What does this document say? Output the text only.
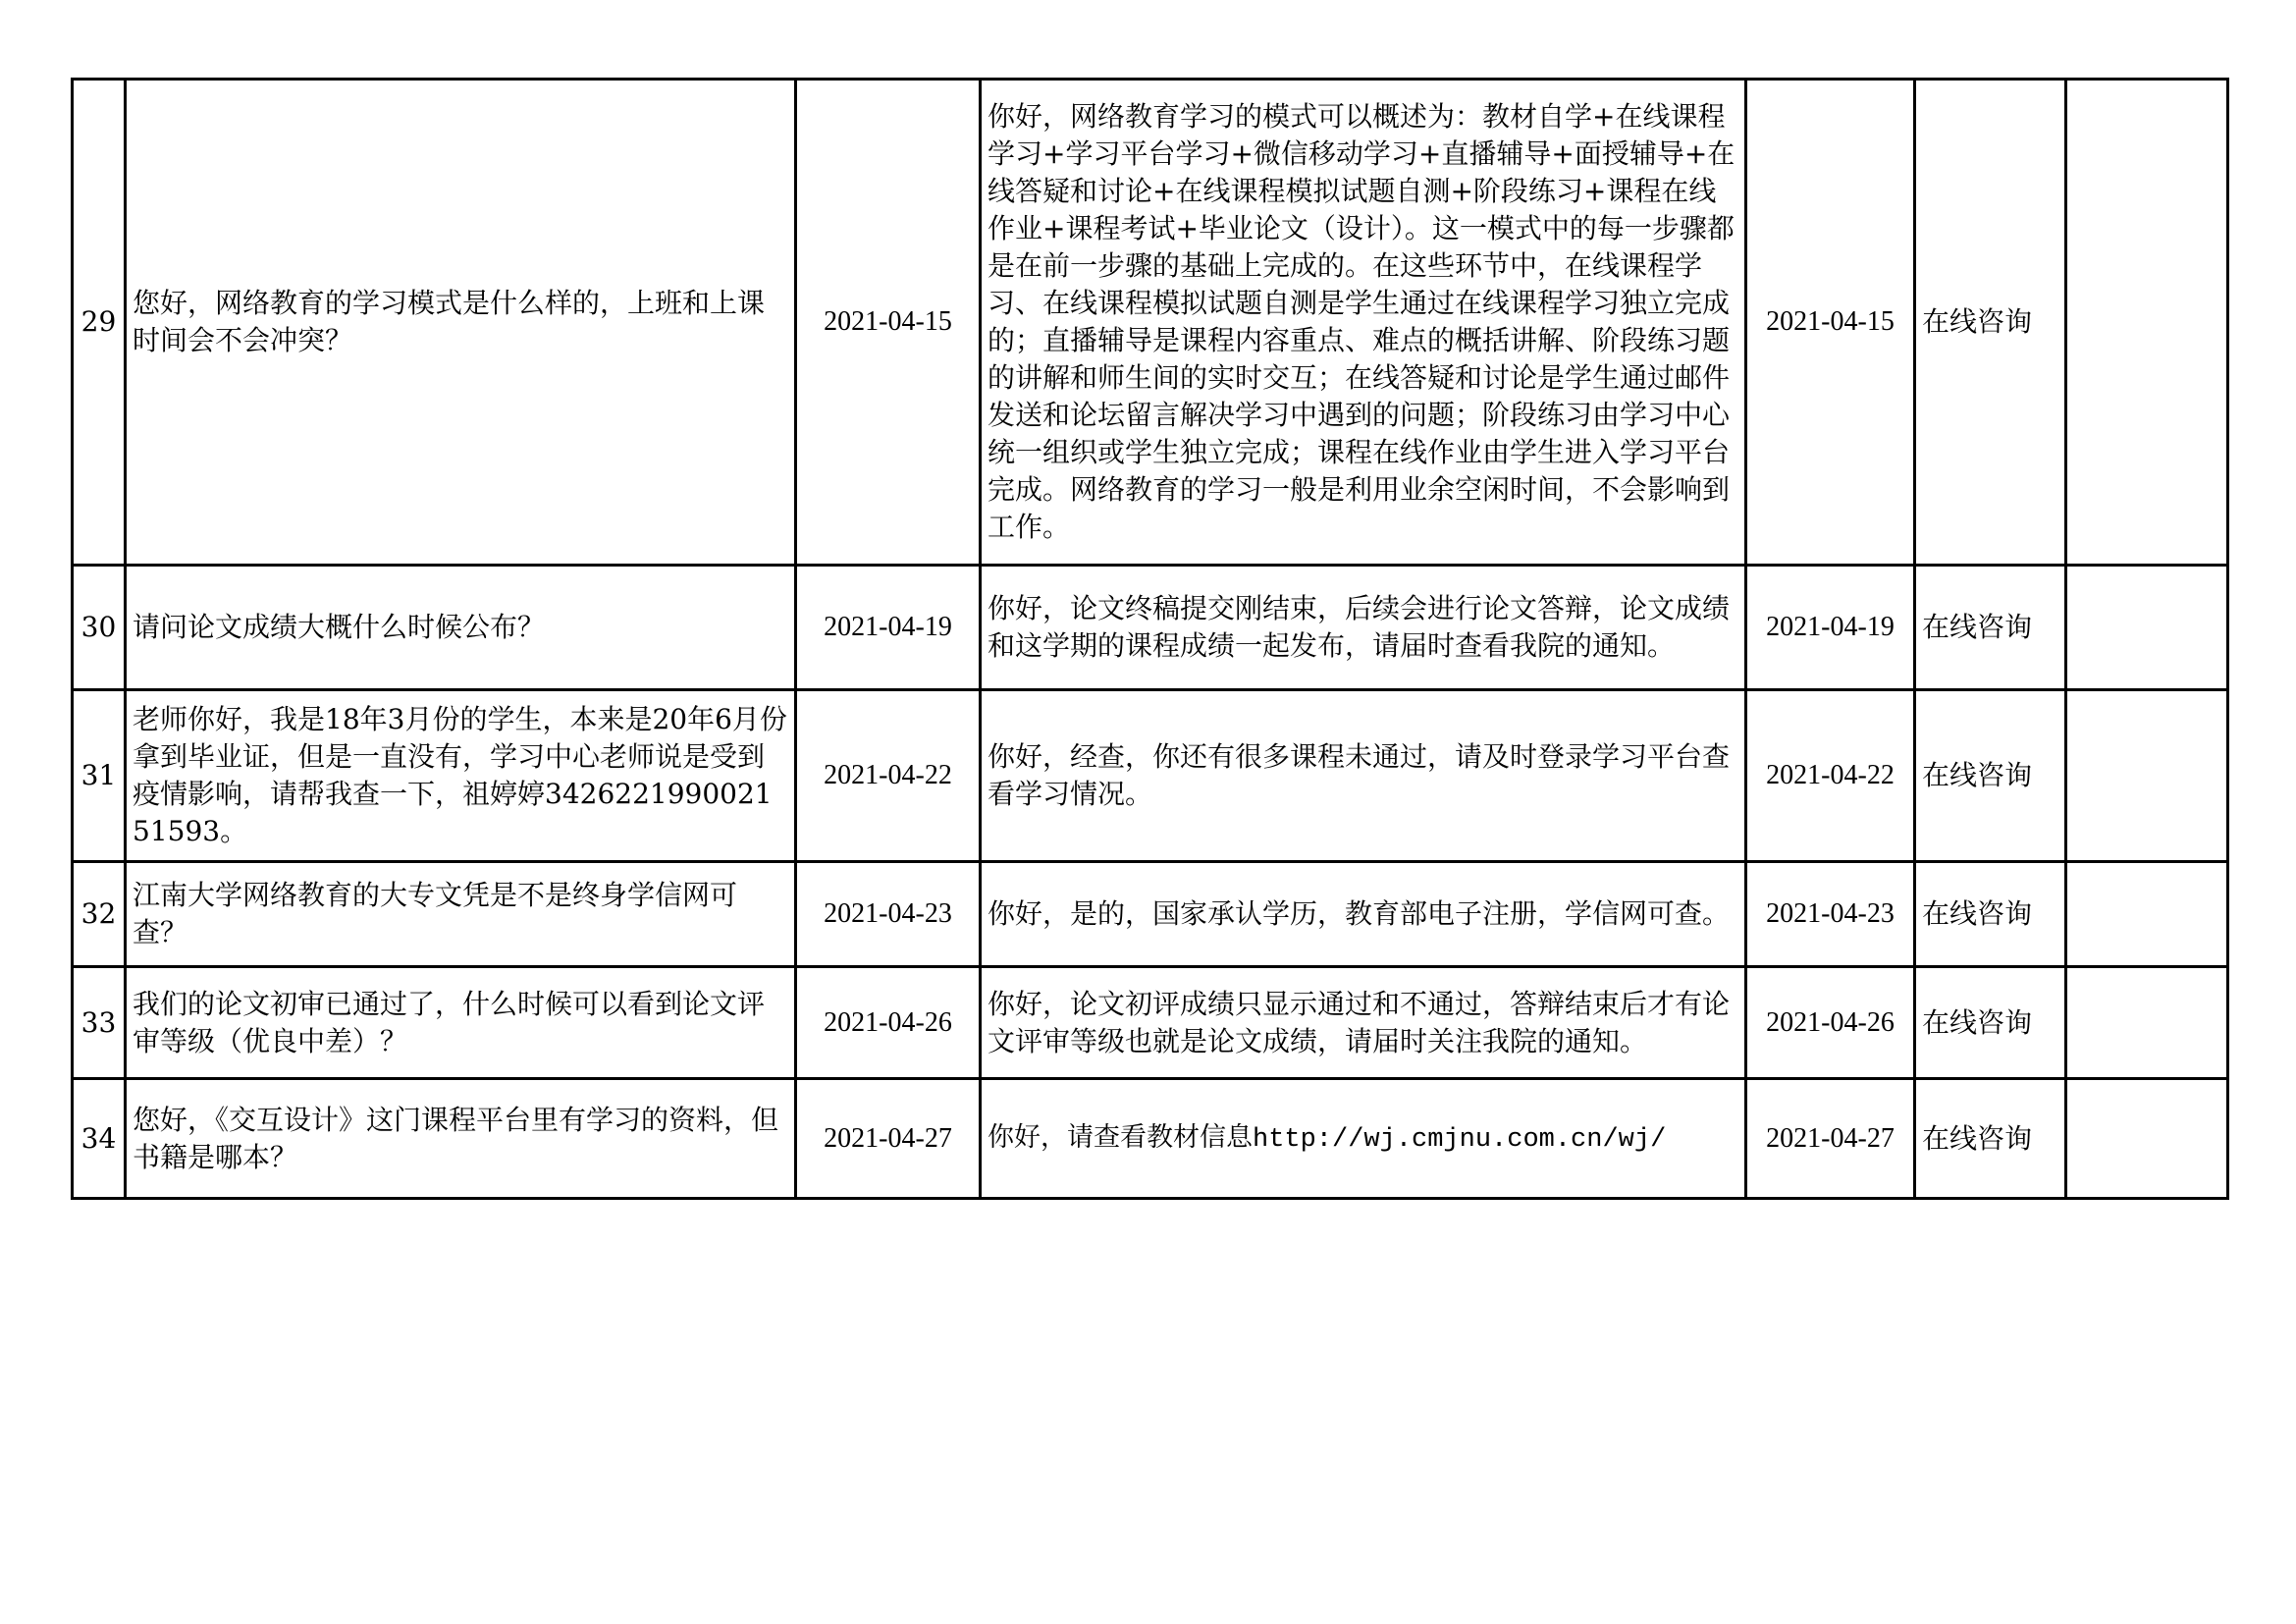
29	您好，网络教育的学习模式是什么样的，上班和上课时间会不会冲突？	2021-04-15	你好，网络教育学习的模式可以概述为：教材自学+在线课程学习+学习平台学习+微信移动学习+直播辅导+面授辅导+在线答疑和讨论+在线课程模拟试题自测+阶段练习+课程在线作业+课程考试+毕业论文（设计）。这一模式中的每一步骤都是在前一步骤的基础上完成的。在这些环节中，在线课程学习、在线课程模拟试题自测是学生通过在线课程学习独立完成的；直播辅导是课程内容重点、难点的概括讲解、阶段练习题的讲解和师生间的实时交互；在线答疑和讨论是学生通过邮件发送和论坛留言解决学习中遇到的问题；阶段练习由学习中心统一组织或学生独立完成；课程在线作业由学生进入学习平台完成。网络教育的学习一般是利用业余空闲时间，不会影响到工作。	2021-04-15	在线咨询	
30	请问论文成绩大概什么时候公布？	2021-04-19	你好，论文终稿提交刚结束，后续会进行论文答辩，论文成绩和这学期的课程成绩一起发布，请届时查看我院的通知。	2021-04-19	在线咨询	
31	老师你好，我是18年3月份的学生，本来是20年6月份拿到毕业证，但是一直没有，学习中心老师说是受到疫情影响，请帮我查一下，祖婷婷342622199002151593。	2021-04-22	你好，经查，你还有很多课程未通过，请及时登录学习平台查看学习情况。	2021-04-22	在线咨询	
32	江南大学网络教育的大专文凭是不是终身学信网可查？	2021-04-23	你好，是的，国家承认学历，教育部电子注册，学信网可查。	2021-04-23	在线咨询	
33	我们的论文初审已通过了，什么时候可以看到论文评审等级（优良中差）？	2021-04-26	你好，论文初评成绩只显示通过和不通过，答辩结束后才有论文评审等级也就是论文成绩，请届时关注我院的通知。	2021-04-26	在线咨询	
34	您好，《交互设计》这门课程平台里有学习的资料，但书籍是哪本？	2021-04-27	你好，请查看教材信息http://wj.cmjnu.com.cn/wj/	2021-04-27	在线咨询	
